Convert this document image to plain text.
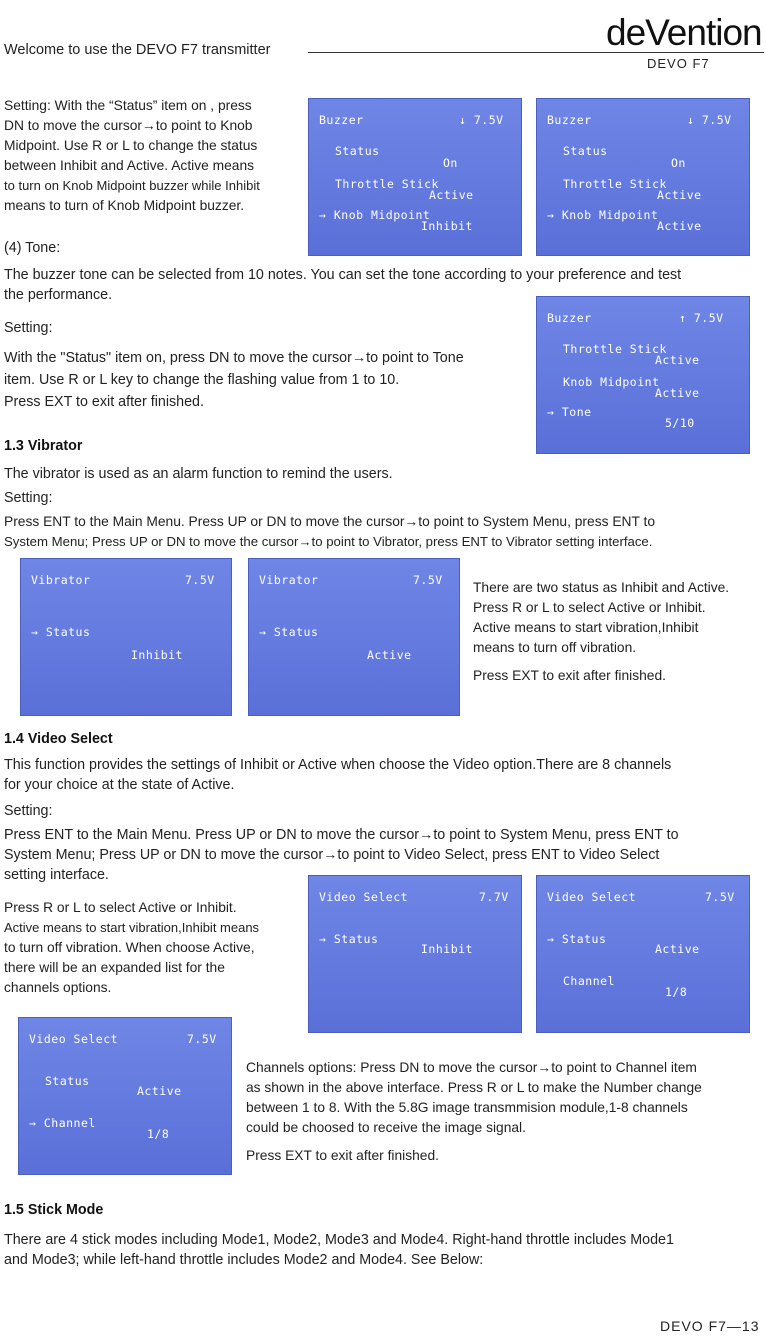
Welcome to use the DEVO F7 transmitter	deVention
DEVO F7

Setting: With the “Status” item on , press

DN to move the cursor→to point to Knob

Midpoint. Use R or L to change the status

between Inhibit and Active. Active means

to turn on Knob Midpoint buzzer while Inhibit

means to turn of Knob Midpoint buzzer.

Buzzer	↓ 7.5V
Status
On
Throttle Stick
Active
→ Knob Midpoint
Inhibit
Buzzer	↓ 7.5V
Status
On
Throttle Stick
Active
→ Knob Midpoint
Active
(4) Tone:

The buzzer tone can be selected from 10 notes. You can set the tone according to your preference and test

the performance.

Setting:

With the "Status" item on, press DN to move the cursor→to point to Tone

item. Use R or L key to change the flashing value from 1 to 10.

Press EXT to exit after finished.

Buzzer	↑ 7.5V
Throttle Stick
Active
Knob Midpoint
Active
→ Tone
5/10
1.3 Vibrator
The vibrator is used as an alarm function to remind the users.
Setting:

Press ENT to the Main Menu. Press UP or DN to move the cursor→to point to System Menu, press ENT to

System Menu; Press UP or DN to move the cursor→to point to Vibrator, press ENT to Vibrator setting interface.

Vibrator	7.5V
→ Status
Inhibit
Vibrator	7.5V
→ Status
Active

There are two status as Inhibit and Active.

Press R or L to select Active or Inhibit.

Active means to start vibration,Inhibit

means to turn off vibration.

Press EXT to exit after finished.

1.4 Video Select

This function provides the settings of Inhibit or Active when choose the Video option.There are 8 channels

for your choice at the state of Active.

Setting:

Press ENT to the Main Menu. Press UP or DN to move the cursor→to point to System Menu, press ENT to

System Menu; Press UP or DN to move the cursor→to point to Video Select, press ENT to Video Select

setting interface.

Press R or L to select Active or Inhibit.

Active means to start vibration,Inhibit means

to turn off vibration. When choose Active,

there will be an expanded list for the

channels options.

Video Select	7.7V
→ Status
Inhibit
Video Select	7.5V
→ Status
Active
Channel
1/8
Video Select	7.5V
Status
Active
→ Channel
1/8

Channels options: Press DN to move the cursor→to point to Channel item

as shown in the above interface. Press R or L to make the Number change

between 1 to 8. With the 5.8G image transmmision module,1-8 channels

could be choosed to receive the image signal.

Press EXT to exit after finished.

1.5 Stick Mode

There are 4 stick modes including Mode1, Mode2, Mode3 and Mode4. Right-hand throttle includes Mode1

and Mode3; while left-hand throttle includes Mode2 and Mode4. See Below:

DEVO F7—13
